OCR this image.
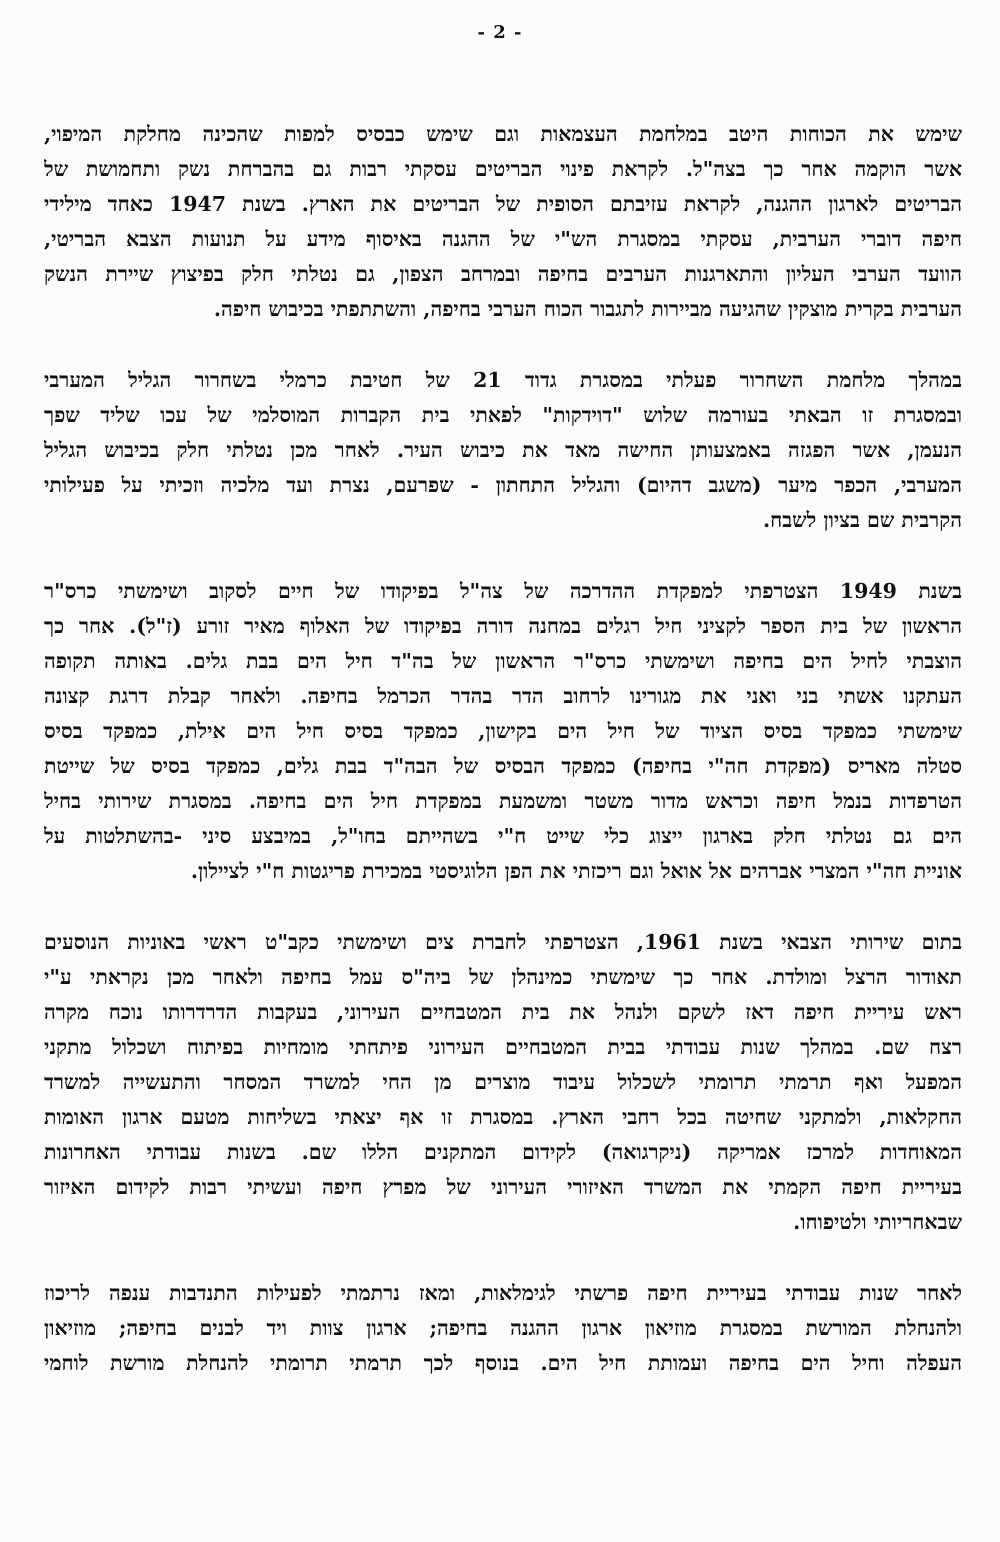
- 2 -
שימש את הכוחות היטב במלחמת העצמאות וגם שימש כבסיס למפות שהכינה מחלקת המיפוי,
אשר הוקמה אחר כך בצה"ל. לקראת פינוי הבריטים עסקתי רבות גם בהברחת נשק ותחמושת של
הבריטים לארגון ההגנה, לקראת עזיבתם הסופית של הבריטים את הארץ. בשנת 1947 כאחד מילידי
חיפה דוברי הערבית, עסקתי במסגרת הש"י של ההגנה באיסוף מידע על תנועות הצבא הבריטי,
הוועד הערבי העליון והתארגנות הערבים בחיפה ובמרחב הצפון, גם נטלתי חלק בפיצוץ שיירת הנשק
הערבית בקרית מוצקין שהגיעה מביירות לתגבור הכוח הערבי בחיפה, והשתתפתי בכיבוש חיפה.
במהלך מלחמת השחרור פעלתי במסגרת גדוד 21 של חטיבת כרמלי בשחרור הגליל המערבי
ובמסגרת זו הבאתי בעורמה שלוש "דוידקות" לפאתי בית הקברות המוסלמי של עכו שליד שפך
הנעמן, אשר הפגזה באמצעותן החישה מאד את כיבוש העיר. לאחר מכן נטלתי חלק בכיבוש הגליל
המערבי, הכפר מיער (משגב דהיום) והגליל התחתון - שפרעם, נצרת ועד מלכיה וזכיתי על פעילותי
הקרבית שם בציון לשבח.
בשנת 1949 הצטרפתי למפקדת ההדרכה של צה"ל בפיקודו של חיים לסקוב ושימשתי כרס"ר
הראשון של בית הספר לקציני חיל רגלים במחנה דורה בפיקודו של האלוף מאיר זורע (ז"ל). אחר כך
הוצבתי לחיל הים בחיפה ושימשתי כרס"ר הראשון של בה"ד חיל הים בבת גלים. באותה תקופה
העתקנו אשתי בני ואני את מגורינו לרחוב הדר בהדר הכרמל בחיפה. ולאחר קבלת דרגת קצונה
שימשתי כמפקד בסיס הציוד של חיל הים בקישון, כמפקד בסיס חיל הים אילת, כמפקד בסיס
סטלה מאריס (מפקדת חה"י בחיפה) כמפקד הבסיס של הבה"ד בבת גלים, כמפקד בסיס של שייטת
הטרפדות בנמל חיפה וכראש מדור משטר ומשמעת במפקדת חיל הים בחיפה. במסגרת שירותי בחיל
הים גם נטלתי חלק בארגון ייצוג כלי שייט ח"י בשהייתם בחו"ל, במיבצע סיני -בהשתלטות על
אוניית חה"י המצרי אברהים אל אואל וגם ריכזתי את הפן הלוגיסטי במכירת פריגטות ח"י לציילון.
בתום שירותי הצבאי בשנת 1961, הצטרפתי לחברת צים ושימשתי כקב"ט ראשי באוניות הנוסעים
תאודור הרצל ומולדת. אחר כך שימשתי כמינהלן של ביה"ס עמל בחיפה ולאחר מכן נקראתי ע"י
ראש עיריית חיפה דאז לשקם ולנהל את בית המטבחיים העירוני, בעקבות הדרדרותו נוכח מקרה
רצח שם. במהלך שנות עבודתי בבית המטבחיים העירוני פיתחתי מומחיות בפיתוח ושכלול מתקני
המפעל ואף תרמתי תרומתי לשכלול עיבוד מוצרים מן החי למשרד המסחר והתעשייה למשרד
החקלאות, ולמתקני שחיטה בכל רחבי הארץ. במסגרת זו אף יצאתי בשליחות מטעם ארגון האומות
המאוחדות למרכז אמריקה (ניקרגואה) לקידום המתקנים הללו שם. בשנות עבודתי האחרונות
בעיריית חיפה הקמתי את המשרד האיזורי העירוני של מפרץ חיפה ועשיתי רבות לקידום האיזור
שבאחריותי ולטיפוחו.
לאחר שנות עבודתי בעיריית חיפה פרשתי לגימלאות, ומאז נרתמתי לפעילות התנדבות ענפה לריכוז
ולהנחלת המורשת במסגרת מוזיאון ארגון ההגנה בחיפה; ארגון צוות ויד לבנים בחיפה; מוזיאון
העפלה וחיל הים בחיפה ועמותת חיל הים. בנוסף לכך תרמתי תרומתי להנחלת מורשת לוחמי
